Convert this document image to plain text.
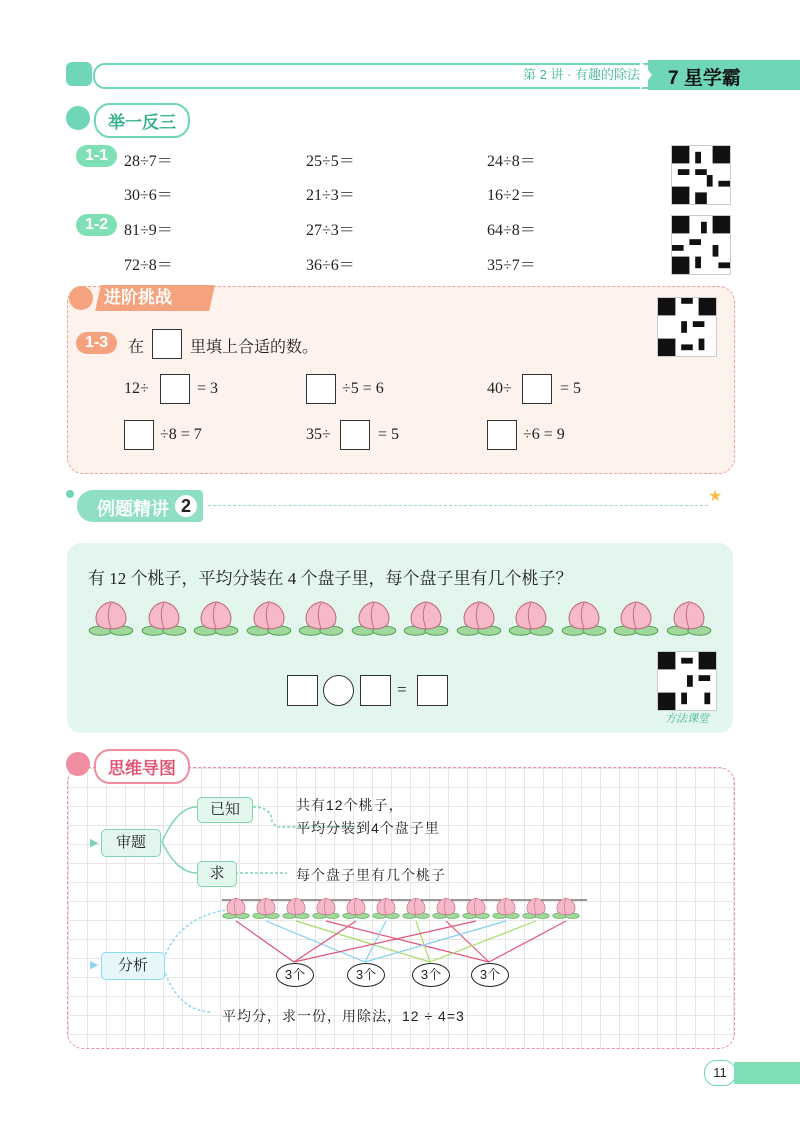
第 2 讲 · 有趣的除法 7 星学霸
举一反三
1-1 28÷7＝	25÷5＝	24÷8＝
30÷6＝	21÷3＝	16÷2＝
1-2 81÷9＝	27÷3＝	64÷8＝
72÷8＝	36÷6＝	35÷7＝
进阶挑战
1-3	在	里填上合适的数。
12÷	= 3	÷5 = 6	40÷	= 5
÷8 = 7	35÷	= 5	÷6 = 9
例题精讲 2	★
有 12 个桃子，平均分装在 4 个盘子里，每个盘子里有几个桃子？
=
方法课堂
思维导图
▶	审题
已知	共有12个桃子，
平均分装到4个盘子里
求	每个盘子里有几个桃子
▶	分析
3个	3个	3个	3个
平均分，求一份，用除法，12 ÷ 4=3
11
